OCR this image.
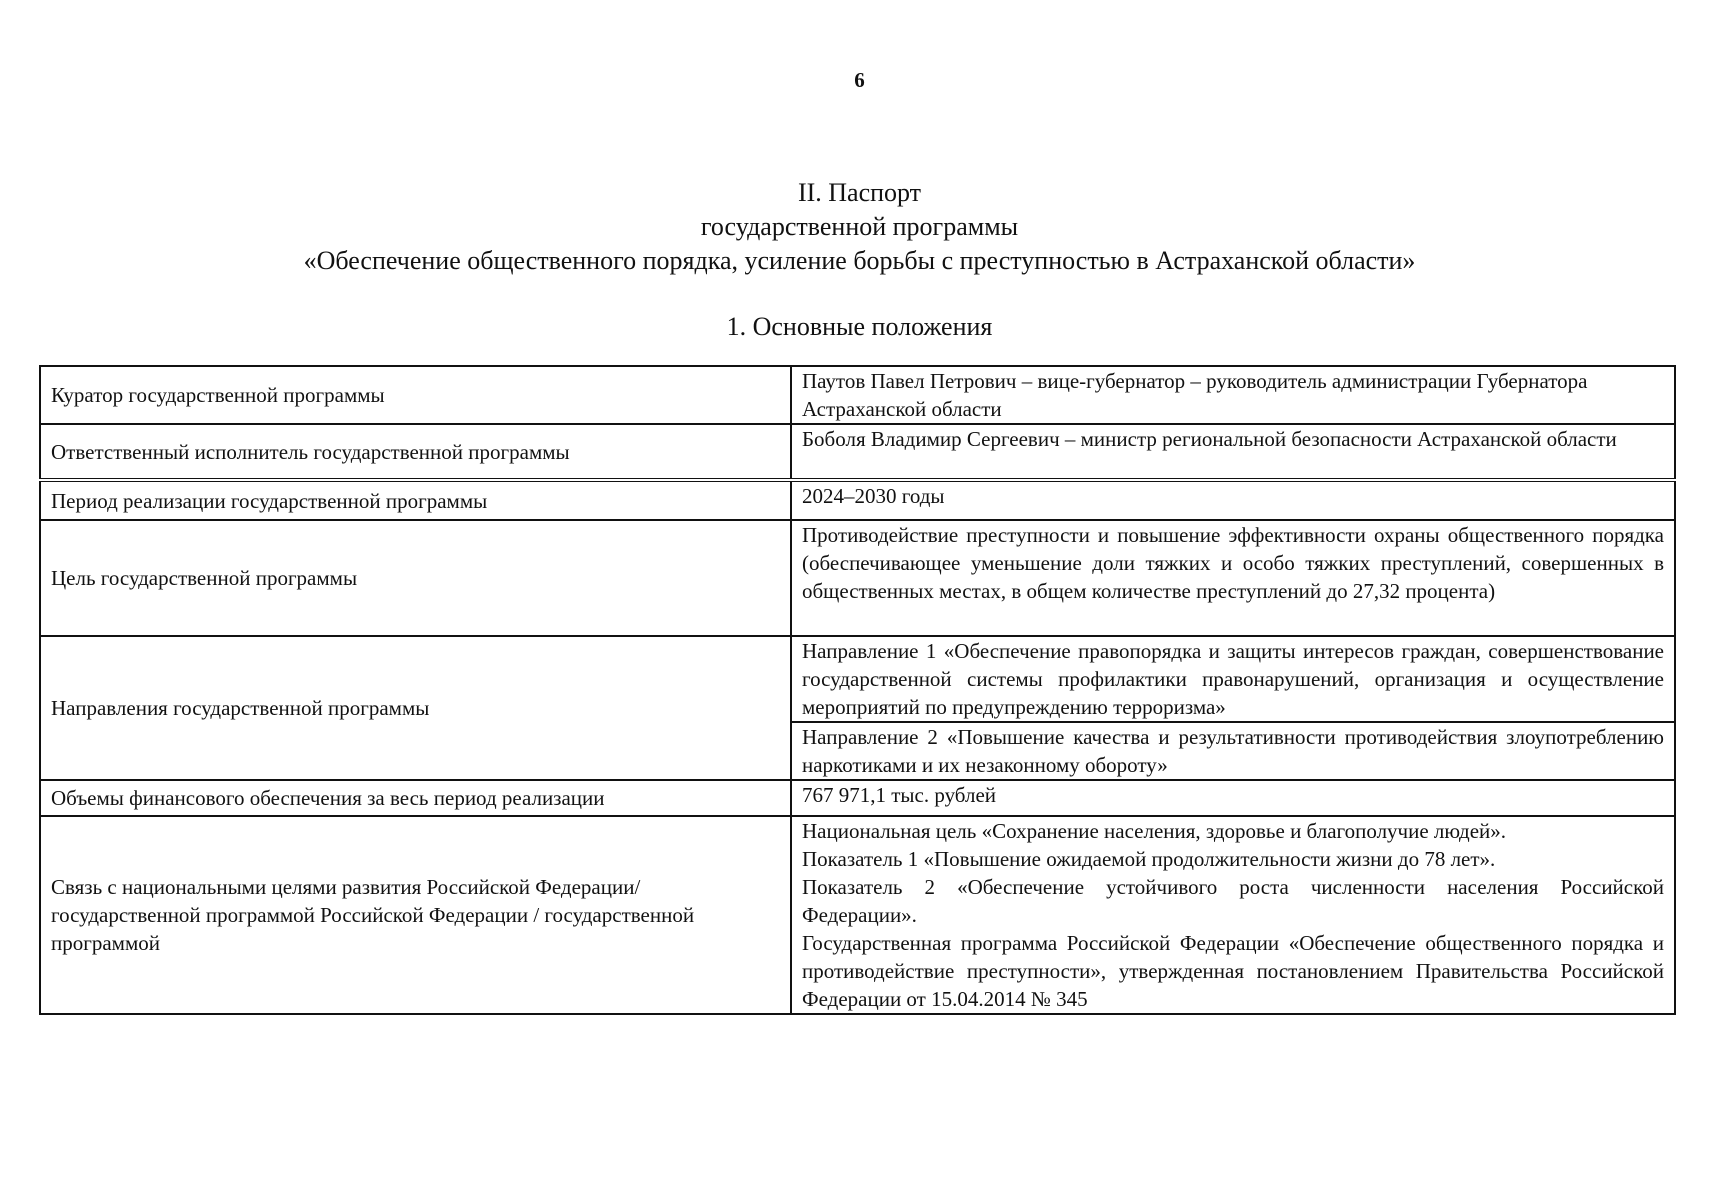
6
II. Паспорт
государственной программы
«Обеспечение общественного порядка, усиление борьбы с преступностью в Астраханской области»
1. Основные положения
Куратор государственной программы	Паутов Павел Петрович – вице-губернатор – руководитель администрации Губернатора Астраханской области
Ответственный исполнитель государственной программы	Боболя Владимир Сергеевич – министр региональной безопасности Астраханской области
Период реализации государственной программы	2024–2030 годы
Цель государственной программы	Противодействие преступности и повышение эффективности охраны общественного порядка (обеспечивающее уменьшение доли тяжких и особо тяжких преступлений, совершенных в общественных местах, в общем количестве преступлений до 27,32 процента)
Направления государственной программы	Направление 1 «Обеспечение правопорядка и защиты интересов граждан, совершенствование государственной системы профилактики правонарушений, организация и осуществление мероприятий по предупреждению терроризма»
	Направление 2 «Повышение качества и результативности противодействия злоупотреблению наркотиками и их незаконному обороту»
Объемы финансового обеспечения за весь период реализации	767 971,1 тыс. рублей
Связь с национальными целями развития Российской Федерации/ государственной программой Российской Федерации / государственной программой	Национальная цель «Сохранение населения, здоровье и благополучие людей».
Показатель 1 «Повышение ожидаемой продолжительности жизни до 78 лет».
Показатель 2 «Обеспечение устойчивого роста численности населения Российской Федерации».
Государственная программа Российской Федерации «Обеспечение общественного порядка и противодействие преступности», утвержденная постановлением Правительства Российской Федерации от 15.04.2014 № 345
